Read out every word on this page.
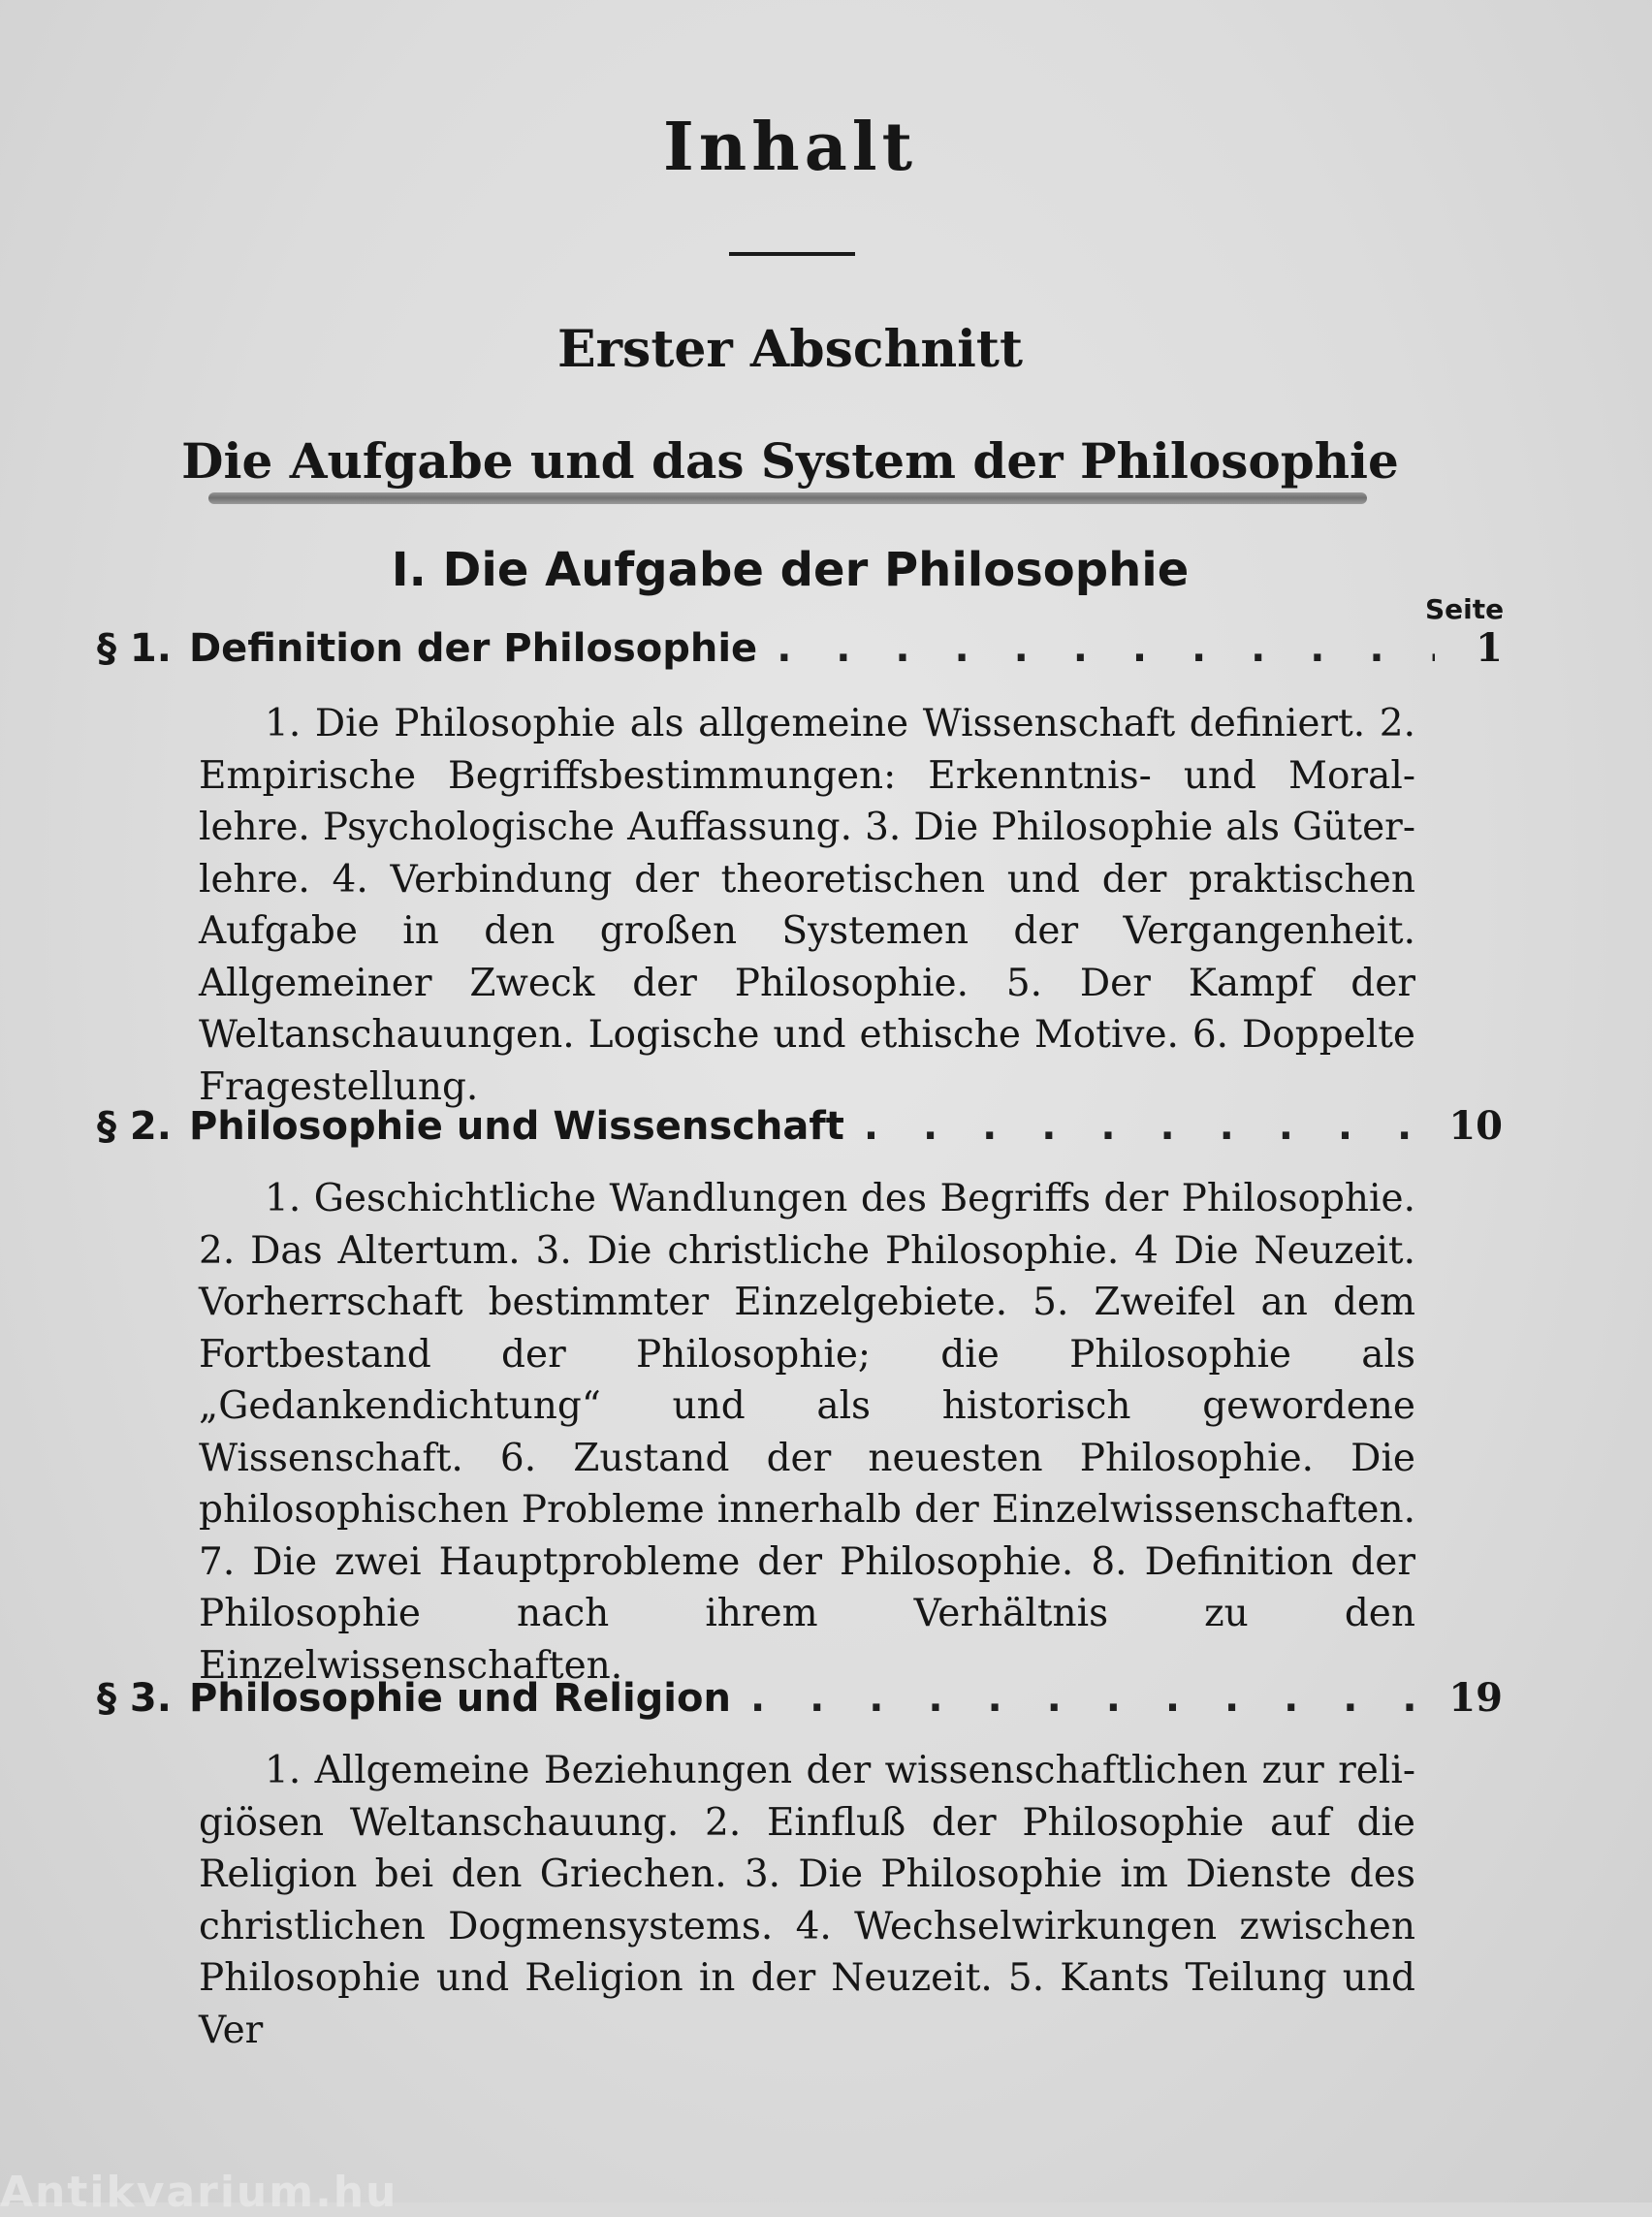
Inhalt
Erster Abschnitt
Die Aufgabe und das System der Philosophie
I. Die Aufgabe der Philosophie
Seite
§ 1. Definition der Philosophie . . .	1
1. Die Philosophie als allgemeine Wissenschaft definiert. 2. Empirische Begriffsbestimmungen: Erkenntnis- und Morallehre. Psychologische Auffassung. 3. Die Philosophie als Güterlehre. 4. Verbindung der theoretischen und der praktischen Aufgabe in den großen Systemen der Vergangenheit. Allgemeiner Zweck der Philosophie. 5. Der Kampf der Weltanschauungen. Logische und ethische Motive. 6. Doppelte Fragestellung.
§ 2. Philosophie und Wissenschaft . . .	10
1. Geschichtliche Wandlungen des Begriffs der Philosophie. 2. Das Altertum. 3. Die christliche Philosophie. 4 Die Neuzeit. Vorherrschaft bestimmter Einzelgebiete. 5. Zweifel an dem Fortbestand der Philosophie; die Philosophie als „Gedankendichtung“ und als historisch gewordene Wissenschaft. 6. Zustand der neuesten Philosophie. Die philosophischen Probleme innerhalb der Einzelwissenschaften. 7. Die zwei Hauptprobleme der Philosophie. 8. Definition der Philosophie nach ihrem Verhältnis zu den Einzelwissenschaften.
§ 3. Philosophie und Religion . . .	19
1. Allgemeine Beziehungen der wissenschaftlichen zur religiösen Weltanschauung. 2. Einfluß der Philosophie auf die Religion bei den Griechen. 3. Die Philosophie im Dienste des christlichen Dogmensystems. 4. Wechselwirkungen zwischen Philosophie und Religion in der Neuzeit. 5. Kants Teilung und Ver
Antikvarium.hu
